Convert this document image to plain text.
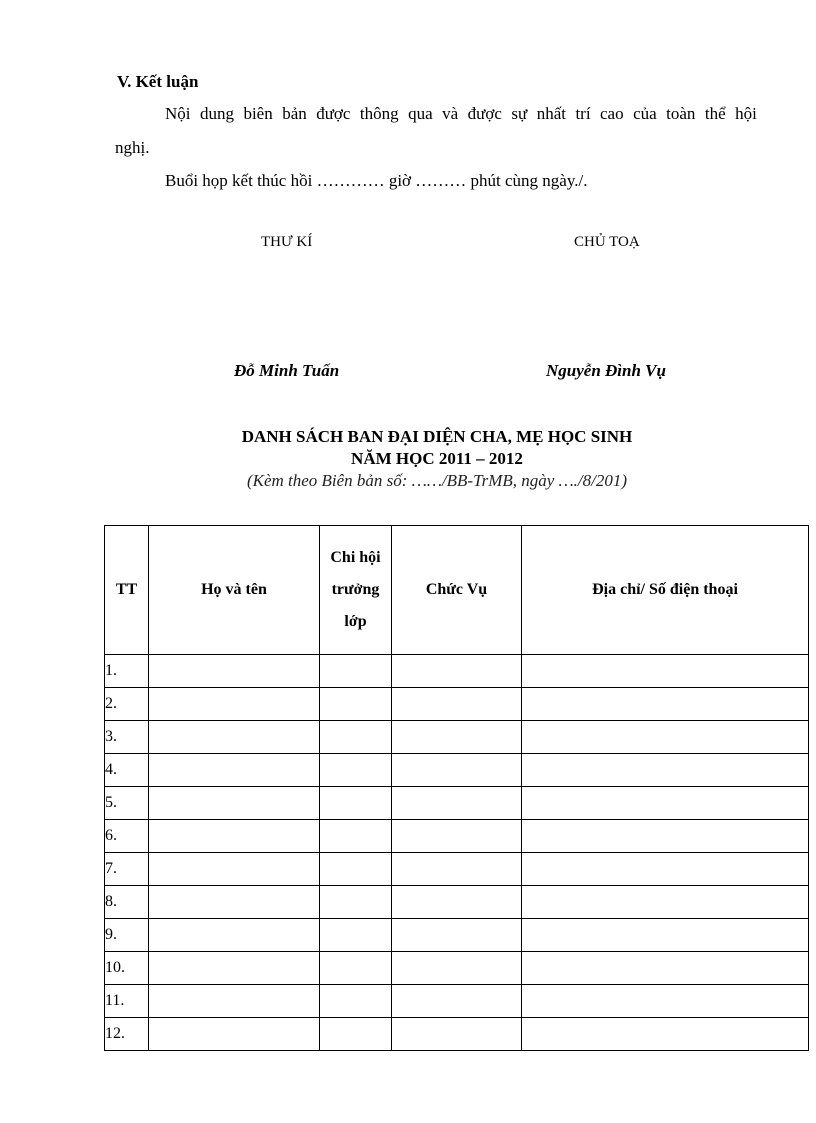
V. Kết luận
Nội dung biên bản được thông qua và được sự nhất trí cao của toàn thể hội
nghị.
Buổi họp kết thúc hồi ………… giờ ……… phút cùng ngày./.
THƯ KÍ	CHỦ TOẠ
Đỗ Minh Tuấn	Nguyễn Đình Vụ
DANH SÁCH BAN ĐẠI DIỆN CHA, MẸ HỌC SINH
NĂM HỌC 2011 – 2012
(Kèm theo Biên bản số: ……/BB-TrMB, ngày …./8/201)
TT	Họ và tên	Chi hội trưởng lớp	Chức Vụ	Địa chỉ/ Số điện thoại
1.				
2.				
3.				
4.				
5.				
6.				
7.				
8.				
9.				
10.				
11.				
12.				
